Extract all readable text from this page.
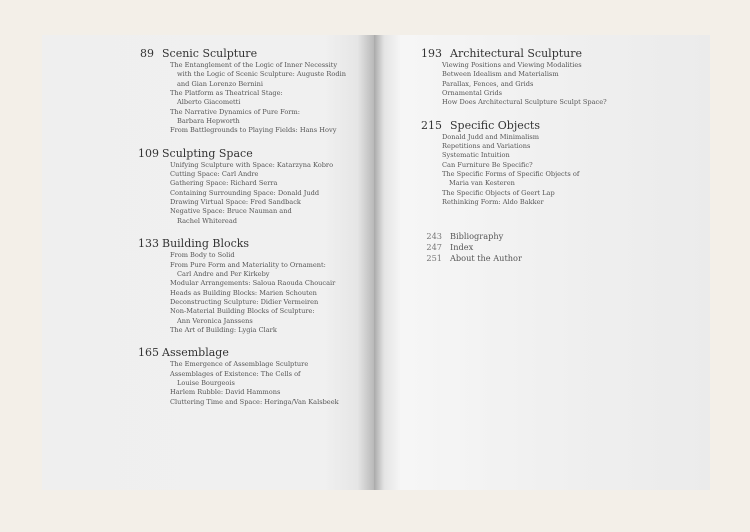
89 Scenic Sculpture
The Entanglement of the Logic of Inner Necessity
with the Logic of Scenic Sculpture: Auguste Rodin
and Gian Lorenzo Bernini
The Platform as Theatrical Stage:
Alberto Giacometti
The Narrative Dynamics of Pure Form:
Barbara Hepworth
From Battlegrounds to Playing Fields: Hans Hovy
109 Sculpting Space
Unifying Sculpture with Space: Katarzyna Kobro
Cutting Space: Carl Andre
Gathering Space: Richard Serra
Containing Surrounding Space: Donald Judd
Drawing Virtual Space: Fred Sandback
Negative Space: Bruce Nauman and
Rachel Whiteread
133 Building Blocks
From Body to Solid
From Pure Form and Materiality to Ornament:
Carl Andre and Per Kirkeby
Modular Arrangements: Saloua Raouda Choucair
Heads as Building Blocks: Marien Schouten
Deconstructing Sculpture: Didier Vermeiren
Non-Material Building Blocks of Sculpture:
Ann Veronica Janssens
The Art of Building: Lygia Clark
165 Assemblage
The Emergence of Assemblage Sculpture
Assemblages of Existence: The Cells of
Louise Bourgeois
Harlem Rubble: David Hammons
Cluttering Time and Space: Heringa/Van Kalsbeek
193 Architectural Sculpture
Viewing Positions and Viewing Modalities
Between Idealism and Materialism
Parallax, Fences, and Grids
Ornamental Grids
How Does Architectural Sculpture Sculpt Space?
215 Specific Objects
Donald Judd and Minimalism
Repetitions and Variations
Systematic Intuition
Can Furniture Be Specific?
The Specific Forms of Specific Objects of
Maria van Kesteren
The Specific Objects of Geert Lap
Rethinking Form: Aldo Bakker
243 Bibliography
247 Index
251 About the Author
